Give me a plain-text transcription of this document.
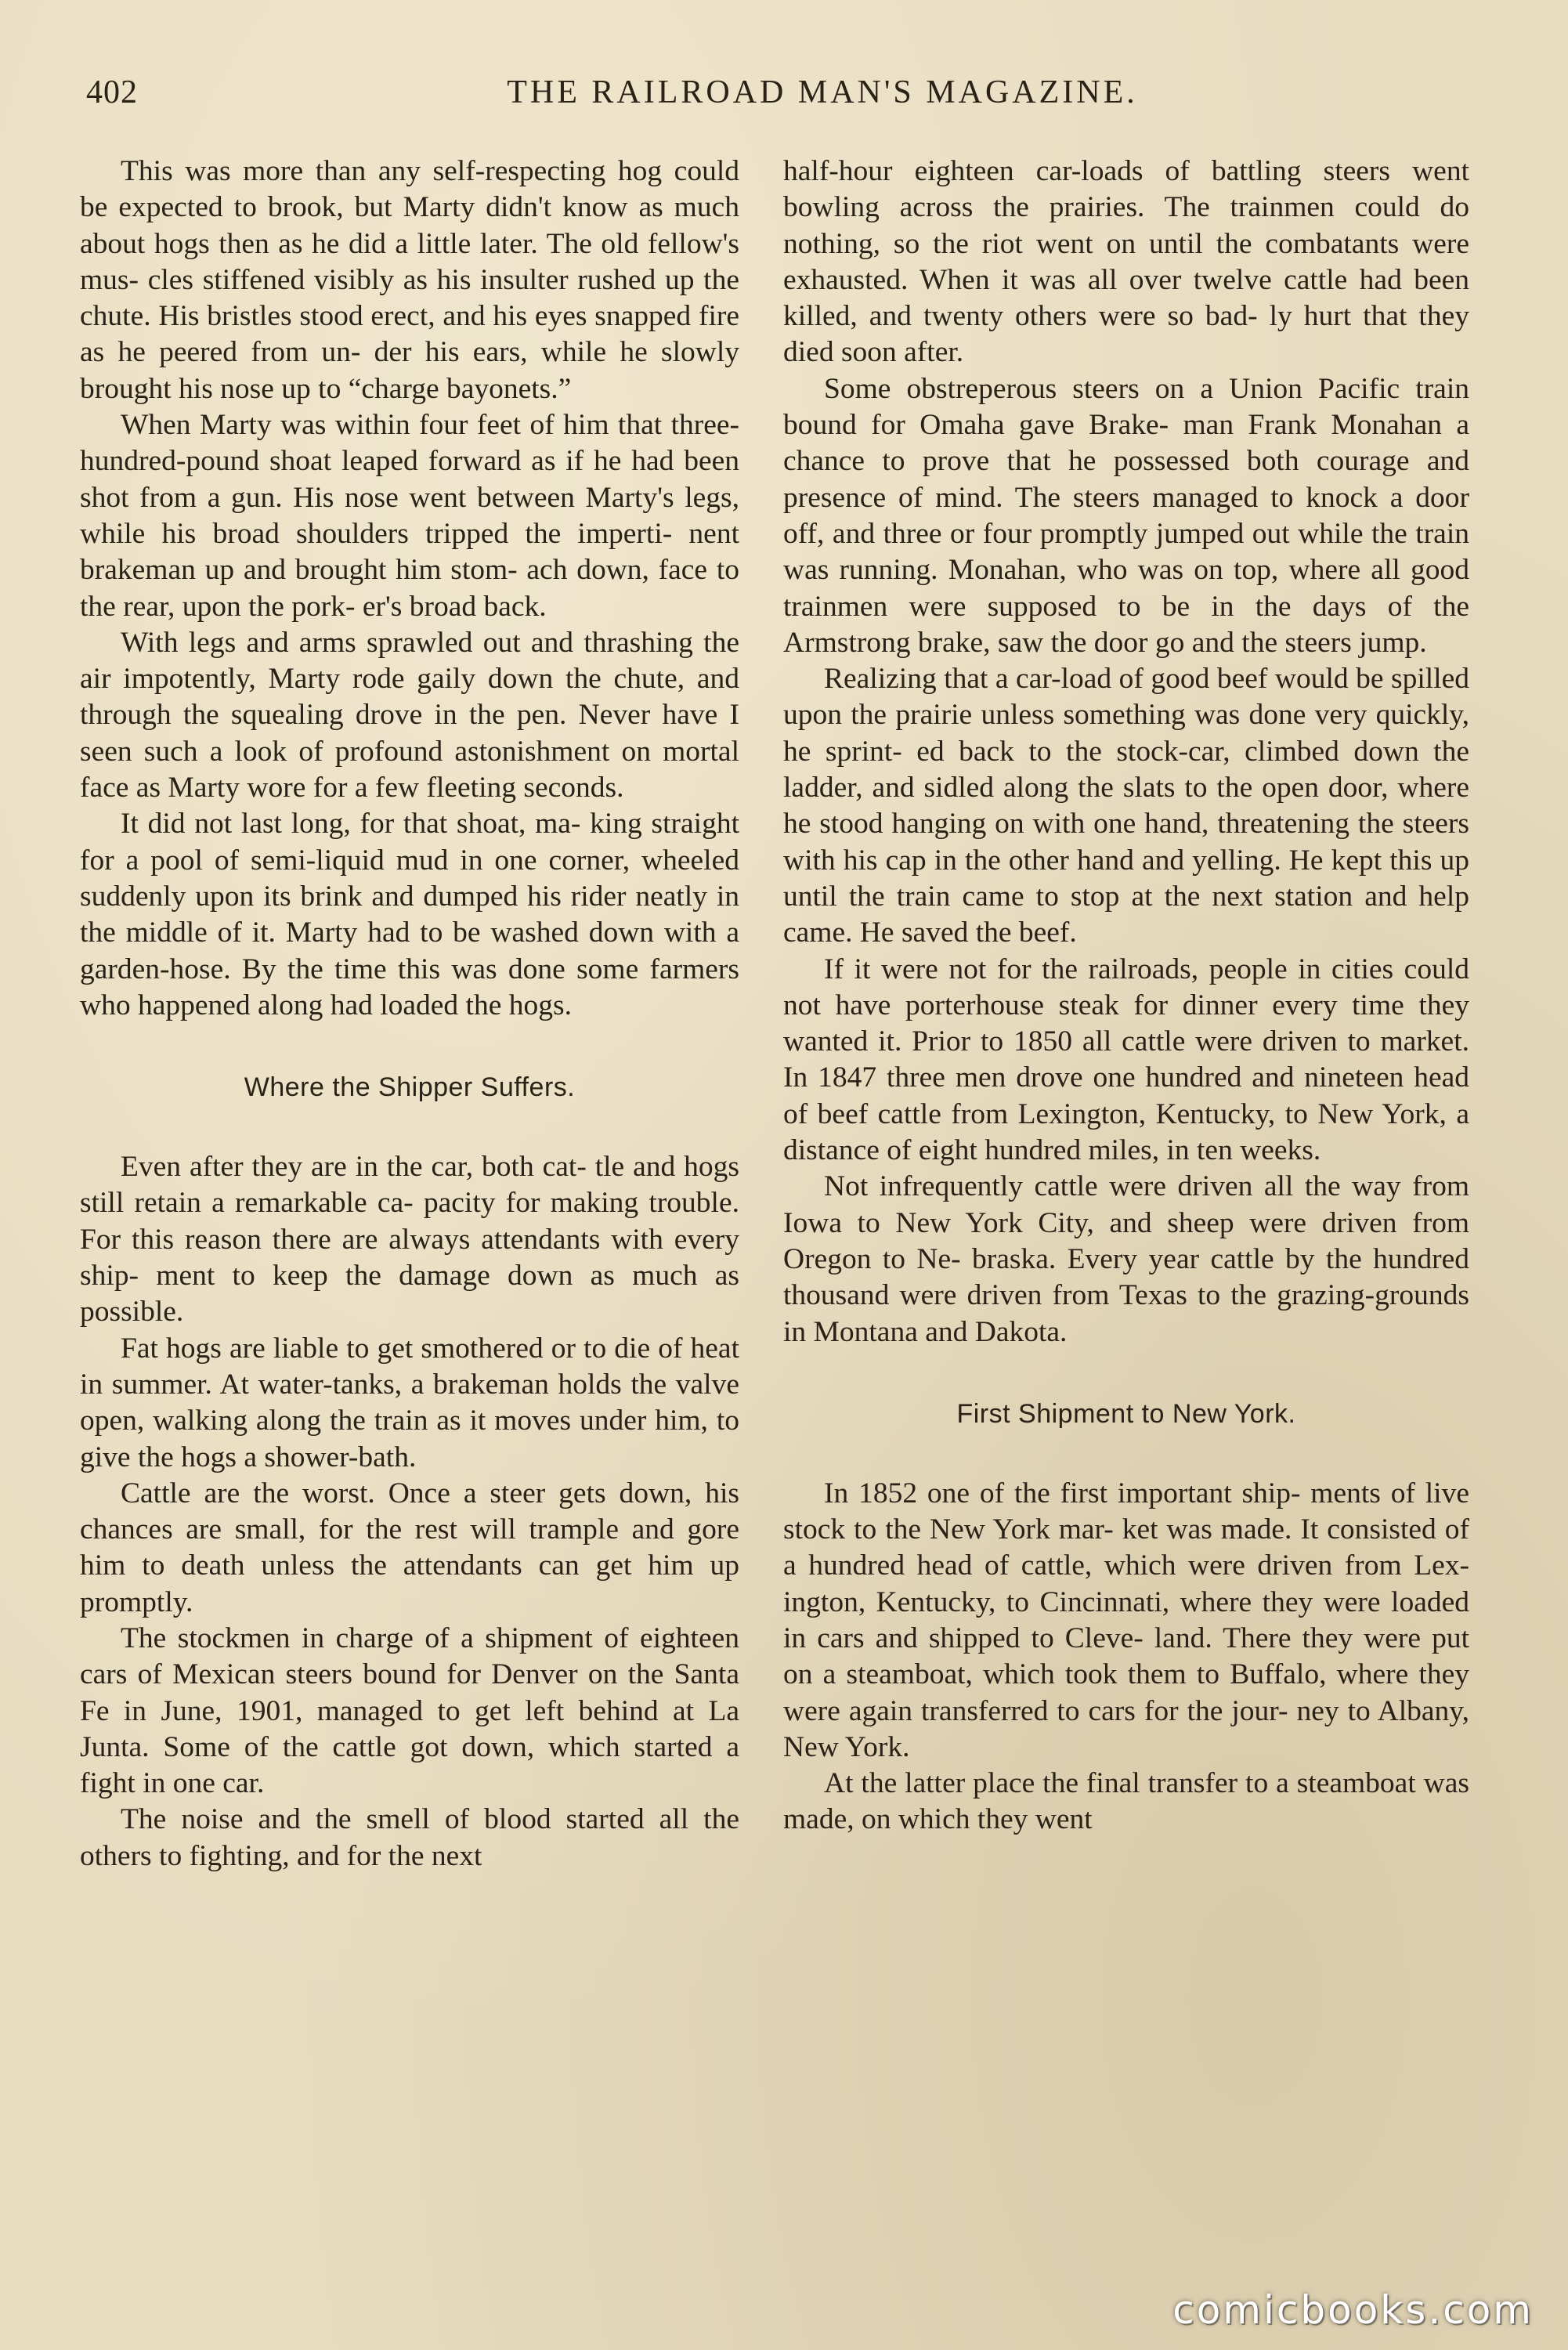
402	THE RAILROAD MAN'S MAGAZINE.

This was more than any self-respecting hog could be expected to brook, but Marty didn't know as much about hogs then as he did a little later. The old fellow's mus- cles stiffened visibly as his insulter rushed up the chute. His bristles stood erect, and his eyes snapped fire as he peered from un- der his ears, while he slowly brought his nose up to “charge bayonets.”

When Marty was within four feet of him that three-hundred-pound shoat leaped forward as if he had been shot from a gun. His nose went between Marty's legs, while his broad shoulders tripped the imperti- nent brakeman up and brought him stom- ach down, face to the rear, upon the pork- er's broad back.

With legs and arms sprawled out and thrashing the air impotently, Marty rode gaily down the chute, and through the squealing drove in the pen. Never have I seen such a look of profound astonishment on mortal face as Marty wore for a few fleeting seconds.

It did not last long, for that shoat, ma- king straight for a pool of semi-liquid mud in one corner, wheeled suddenly upon its brink and dumped his rider neatly in the middle of it. Marty had to be washed down with a garden-hose. By the time this was done some farmers who happened along had loaded the hogs.

Where the Shipper Suffers.

Even after they are in the car, both cat- tle and hogs still retain a remarkable ca- pacity for making trouble. For this reason there are always attendants with every ship- ment to keep the damage down as much as possible.

Fat hogs are liable to get smothered or to die of heat in summer. At water-tanks, a brakeman holds the valve open, walking along the train as it moves under him, to give the hogs a shower-bath.

Cattle are the worst. Once a steer gets down, his chances are small, for the rest will trample and gore him to death unless the attendants can get him up promptly.

The stockmen in charge of a shipment of eighteen cars of Mexican steers bound for Denver on the Santa Fe in June, 1901, managed to get left behind at La Junta. Some of the cattle got down, which started a fight in one car.

The noise and the smell of blood started all the others to fighting, and for the next

half-hour eighteen car-loads of battling steers went bowling across the prairies. The trainmen could do nothing, so the riot went on until the combatants were exhausted. When it was all over twelve cattle had been killed, and twenty others were so bad- ly hurt that they died soon after.

Some obstreperous steers on a Union Pacific train bound for Omaha gave Brake- man Frank Monahan a chance to prove that he possessed both courage and presence of mind. The steers managed to knock a door off, and three or four promptly jumped out while the train was running. Monahan, who was on top, where all good trainmen were supposed to be in the days of the Armstrong brake, saw the door go and the steers jump.

Realizing that a car-load of good beef would be spilled upon the prairie unless something was done very quickly, he sprint- ed back to the stock-car, climbed down the ladder, and sidled along the slats to the open door, where he stood hanging on with one hand, threatening the steers with his cap in the other hand and yelling. He kept this up until the train came to stop at the next station and help came. He saved the beef.

If it were not for the railroads, people in cities could not have porterhouse steak for dinner every time they wanted it. Prior to 1850 all cattle were driven to market. In 1847 three men drove one hundred and nineteen head of beef cattle from Lexington, Kentucky, to New York, a distance of eight hundred miles, in ten weeks.

Not infrequently cattle were driven all the way from Iowa to New York City, and sheep were driven from Oregon to Ne- braska. Every year cattle by the hundred thousand were driven from Texas to the grazing-grounds in Montana and Dakota.

First Shipment to New York.

In 1852 one of the first important ship- ments of live stock to the New York mar- ket was made. It consisted of a hundred head of cattle, which were driven from Lex- ington, Kentucky, to Cincinnati, where they were loaded in cars and shipped to Cleve- land. There they were put on a steamboat, which took them to Buffalo, where they were again transferred to cars for the jour- ney to Albany, New York.

At the latter place the final transfer to a steamboat was made, on which they went

comicbooks.com
